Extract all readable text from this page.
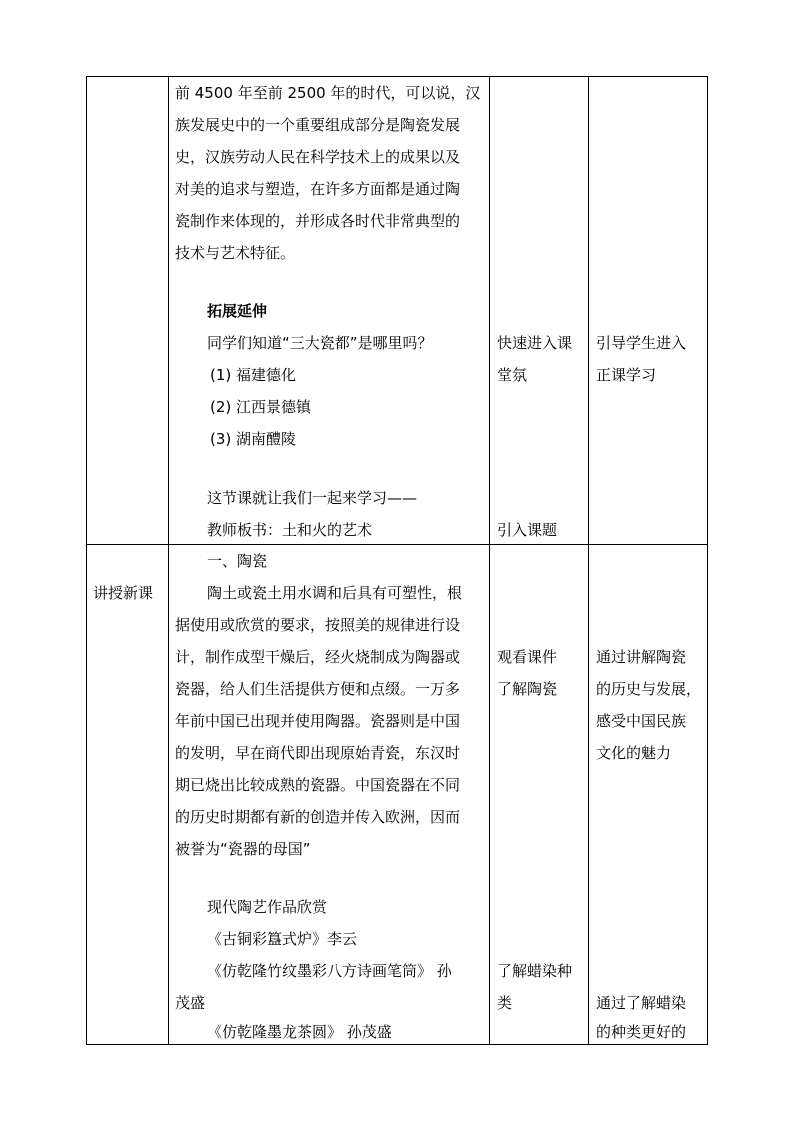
前 4500 年至前 2500 年的时代，可以说，汉
族发展史中的一个重要组成部分是陶瓷发展
史，汉族劳动人民在科学技术上的成果以及
对美的追求与塑造，在许多方面都是通过陶
瓷制作来体现的，并形成各时代非常典型的
技术与艺术特征。
拓展延伸
同学们知道“三大瓷都”是哪里吗？
(1) 福建德化
(2) 江西景德镇
(3) 湖南醴陵
这节课就让我们一起来学习——
教师板书：土和火的艺术
快速进入课
堂氛
引入课题
引导学生进入
正课学习
讲授新课
一、陶瓷
陶土或瓷土用水调和后具有可塑性，根
据使用或欣赏的要求，按照美的规律进行设
计，制作成型干燥后，经火烧制成为陶器或
瓷器，给人们生活提供方便和点缀。一万多
年前中国已出现并使用陶器。瓷器则是中国
的发明，早在商代即出现原始青瓷，东汉时
期已烧出比较成熟的瓷器。中国瓷器在不同
的历史时期都有新的创造并传入欧洲，因而
被誉为“瓷器的母国”
现代陶艺作品欣赏
《古铜彩簋式炉》李云
《仿乾隆竹纹墨彩八方诗画笔筒》 孙
茂盛
《仿乾隆墨龙茶圆》 孙茂盛
观看课件
了解陶瓷
了解蜡染种
类
通过讲解陶瓷
的历史与发展，
感受中国民族
文化的魅力
通过了解蜡染
的种类更好的
